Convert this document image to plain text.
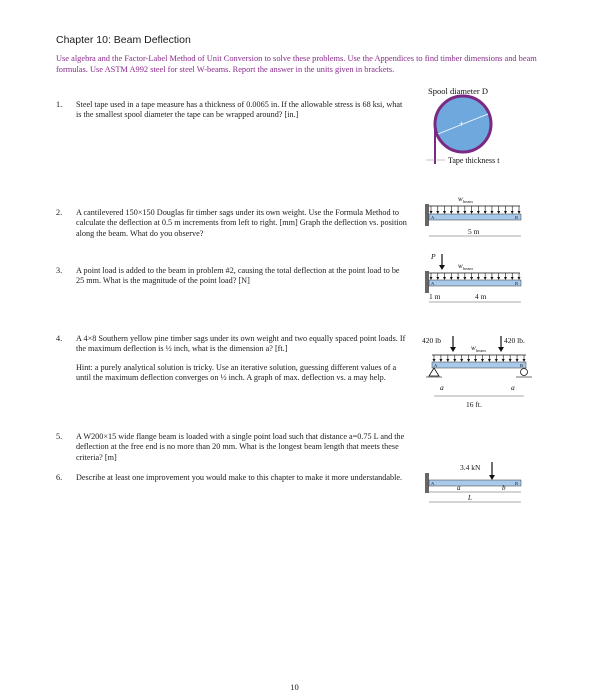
Chapter 10: Beam Deflection
Use algebra and the Factor-Label Method of Unit Conversion to solve these problems. Use the Appendices to find timber dimensions and beam formulas. Use ASTM A992 steel for steel W-beams. Report the answer in the units given in brackets.
1. Steel tape used in a tape measure has a thickness of 0.0065 in. If the allowable stress is 68 ksi, what is the smallest spool diameter the tape can be wrapped around? [in.]
2. A cantilevered 150×150 Douglas fir timber sags under its own weight. Use the Formula Method to calculate the deflection at 0.5 m increments from left to right. [mm] Graph the deflection vs. position along the beam. What do you observe?
3. A point load is added to the beam in problem #2, causing the total deflection at the point load to be 25 mm. What is the magnitude of the point load? [N]
4. A 4×8 Southern yellow pine timber sags under its own weight and two equally spaced point loads. If the maximum deflection is ½ inch, what is the dimension a? [ft.]
Hint: a purely analytical solution is tricky. Use an iterative solution, guessing different values of a until the maximum deflection converges on ½ inch. A graph of max. deflection vs. a may help.
5. A W200×15 wide flange beam is loaded with a single point load such that distance a=0.75 L and the deflection at the free end is no more than 20 mm. What is the longest beam length that meets these criteria? [m]
6. Describe at least one improvement you would make to this chapter to make it more understandable.
Spool diameter D
+
Tape thickness t
w beam
A	B
5 m
P
w beam
A	B
1 m	4 m
420 lb	420 lb.
w beam
A	B
a	a
16 ft.
3.4 kN
A	B
a	b
L
10
